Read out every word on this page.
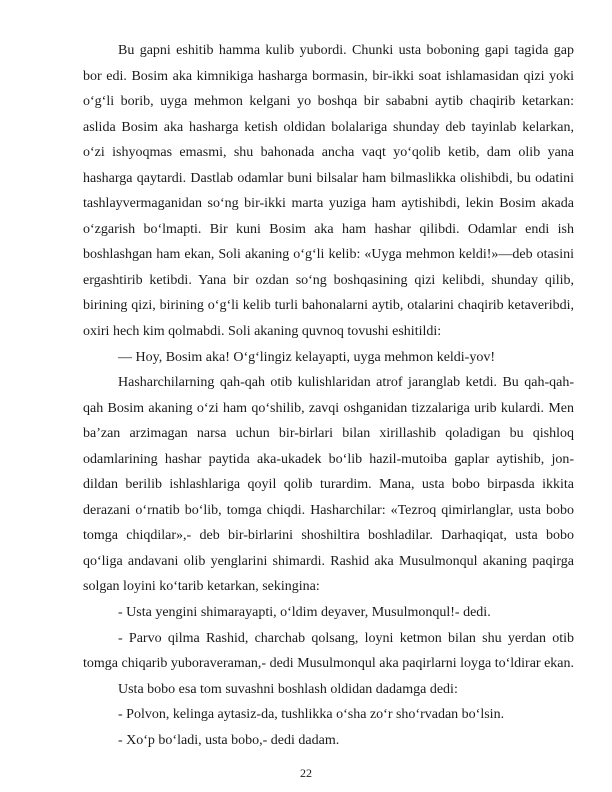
Bu gapni eshitib hamma kulib yubordi. Chunki usta boboning gapi tagida gap bor edi. Bosim aka kimnikiga hasharga bormasin, bir-ikki soat ishlamasidan qizi yoki o‘g‘li borib, uyga mehmon kelgani yo boshqa bir sababni aytib chaqirib ketarkan: aslida Bosim aka hasharga ketish oldidan bolalariga shunday deb tayinlab kelarkan, o‘zi ishyoqmas emasmi, shu bahonada ancha vaqt yo‘qolib ketib, dam olib yana hasharga qaytardi. Dastlab odamlar buni bilsalar ham bilmaslikka olishibdi, bu odatini tashlayvermaganidan so‘ng bir-ikki marta yuziga ham aytishibdi, lekin Bosim akada o‘zgarish bo‘lmapti. Bir kuni Bosim aka ham hashar qilibdi. Odamlar endi ish boshlashgan ham ekan, Soli akaning o‘g‘li kelib: «Uyga mehmon keldi!»—deb otasini ergashtirib ketibdi. Yana bir ozdan so‘ng boshqasining qizi kelibdi, shunday qilib, birining qizi, birining o‘g‘li kelib turli bahonalarni aytib, otalarini chaqirib ketaveribdi, oxiri hech kim qolmabdi. Soli akaning quvnoq tovushi eshitildi:

— Hoy, Bosim aka! O‘g‘lingiz kelayapti, uyga mehmon keldi-yov!

Hasharchilarning qah-qah otib kulishlaridan atrof jaranglab ketdi. Bu qah-qah-qah Bosim akaning o‘zi ham qo‘shilib, zavqi oshganidan tizzalariga urib kulardi. Men ba’zan arzimagan narsa uchun bir-birlari bilan xirillashib qoladigan bu qishloq odamlarining hashar paytida aka-ukadek bo‘lib hazil-mutoiba gaplar aytishib, jon-dildan berilib ishlashlariga qoyil qolib turardim. Mana, usta bobo birpasda ikkita derazani o‘rnatib bo‘lib, tomga chiqdi. Hasharchilar: «Tezroq qimirlanglar, usta bobo tomga chiqdilar»,- deb bir-birlarini shoshiltira boshladilar. Darhaqiqat, usta bobo qo‘liga andavani olib yenglarini shimardi. Rashid aka Musulmonqul akaning paqirga solgan loyini ko‘tarib ketarkan, sekingina:

- Usta yengini shimarayapti, o‘ldim deyaver, Musulmonqul!- dedi.

- Parvo qilma Rashid, charchab qolsang, loyni ketmon bilan shu yerdan otib tomga chiqarib yuboraveraman,- dedi Musulmonqul aka paqirlarni loyga to‘ldirar ekan.

Usta bobo esa tom suvashni boshlash oldidan dadamga dedi:

- Polvon, kelinga aytasiz-da, tushlikka o‘sha zo‘r sho‘rvadan bo‘lsin.

- Xo‘p bo‘ladi, usta bobo,- dedi dadam.

22
